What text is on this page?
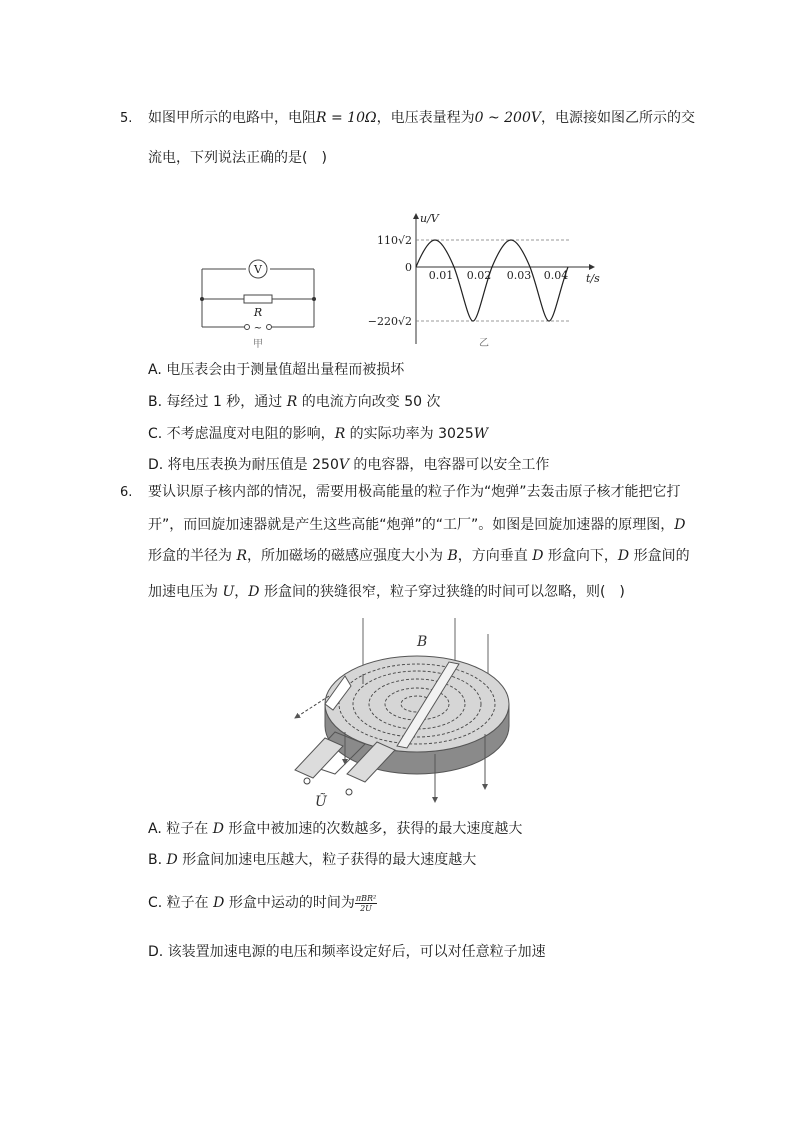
5. 如图甲所示的电路中，电阻R = 10Ω，电压表量程为0 ~ 200V，电源接如图乙所示的交
流电，下列说法正确的是(　)
V
R
~
甲
110√2
0
−220√2
u/V
t/s
0.01 0.02 0.03 0.04
乙
A. 电压表会由于测量值超出量程而被损坏
B. 每经过 1 秒，通过 R 的电流方向改变 50 次
C. 不考虑温度对电阻的影响，R 的实际功率为 3025W
D. 将电压表换为耐压值是 250V 的电容器，电容器可以安全工作
6. 要认识原子核内部的情况，需要用极高能量的粒子作为“炮弹”去轰击原子核才能把它打
开”，而回旋加速器就是产生这些高能“炮弹”的“工厂”。如图是回旋加速器的原理图，D
形盒的半径为 R，所加磁场的磁感应强度大小为 B，方向垂直 D 形盒向下，D 形盒间的
加速电压为 U，D 形盒间的狭缝很窄，粒子穿过狭缝的时间可以忽略，则(　)
B
Ũ
A. 粒子在 D 形盒中被加速的次数越多，获得的最大速度越大
B. D 形盒间加速电压越大，粒子获得的最大速度越大
C. 粒子在 D 形盒中运动的时间为 $\frac{\text{πBR²}}{2U}$
D. 该装置加速电源的电压和频率设定好后，可以对任意粒子加速
